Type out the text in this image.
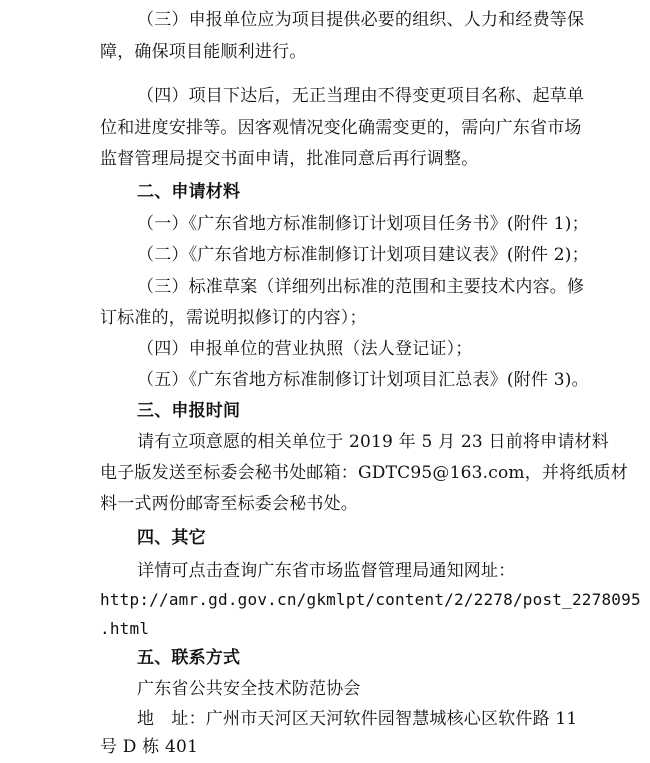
（三）申报单位应为项目提供必要的组织、人力和经费等保
障，确保项目能顺利进行。
（四）项目下达后，无正当理由不得变更项目名称、起草单
位和进度安排等。因客观情况变化确需变更的，需向广东省市场
监督管理局提交书面申请，批准同意后再行调整。
二、申请材料
（一）《广东省地方标准制修订计划项目任务书》(附件 1)；
（二）《广东省地方标准制修订计划项目建议表》(附件 2)；
（三）标准草案（详细列出标准的范围和主要技术内容。修
订标准的，需说明拟修订的内容）；
（四）申报单位的营业执照（法人登记证）；
（五）《广东省地方标准制修订计划项目汇总表》(附件 3)。
三、申报时间
请有立项意愿的相关单位于 2019 年 5 月 23 日前将申请材料
电子版发送至标委会秘书处邮箱：GDTC95@163.com，并将纸质材
料一式两份邮寄至标委会秘书处。
四、其它
详情可点击查询广东省市场监督管理局通知网址：
http://amr.gd.gov.cn/gkmlpt/content/2/2278/post_2278095
.html
五、联系方式
广东省公共安全技术防范协会
地　址：广州市天河区天河软件园智慧城核心区软件路 11
号 D 栋 401
